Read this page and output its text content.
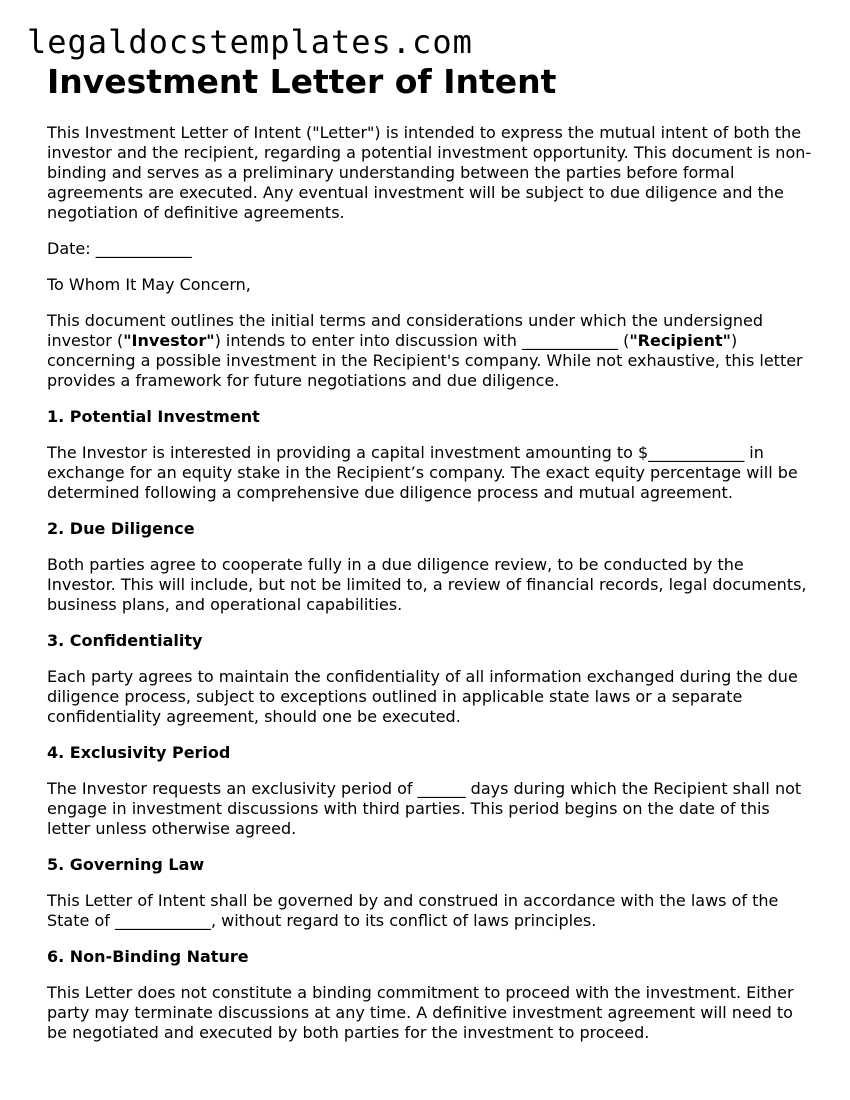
legaldocstemplates.com
Investment Letter of Intent

This Investment Letter of Intent ("Letter") is intended to express the mutual intent of both the investor and the recipient, regarding a potential investment opportunity. This document is non-binding and serves as a preliminary understanding between the parties before formal agreements are executed. Any eventual investment will be subject to due diligence and the negotiation of definitive agreements.

Date: ____________

To Whom It May Concern,

This document outlines the initial terms and considerations under which the undersigned investor ("Investor") intends to enter into discussion with ____________ ("Recipient") concerning a possible investment in the Recipient's company. While not exhaustive, this letter provides a framework for future negotiations and due diligence.

1. Potential Investment

The Investor is interested in providing a capital investment amounting to $____________ in exchange for an equity stake in the Recipient’s company. The exact equity percentage will be determined following a comprehensive due diligence process and mutual agreement.

2. Due Diligence

Both parties agree to cooperate fully in a due diligence review, to be conducted by the Investor. This will include, but not be limited to, a review of financial records, legal documents, business plans, and operational capabilities.

3. Confidentiality

Each party agrees to maintain the confidentiality of all information exchanged during the due diligence process, subject to exceptions outlined in applicable state laws or a separate confidentiality agreement, should one be executed.

4. Exclusivity Period

The Investor requests an exclusivity period of ______ days during which the Recipient shall not engage in investment discussions with third parties. This period begins on the date of this letter unless otherwise agreed.

5. Governing Law

This Letter of Intent shall be governed by and construed in accordance with the laws of the State of ____________, without regard to its conflict of laws principles.

6. Non-Binding Nature

This Letter does not constitute a binding commitment to proceed with the investment. Either party may terminate discussions at any time. A definitive investment agreement will need to be negotiated and executed by both parties for the investment to proceed.
